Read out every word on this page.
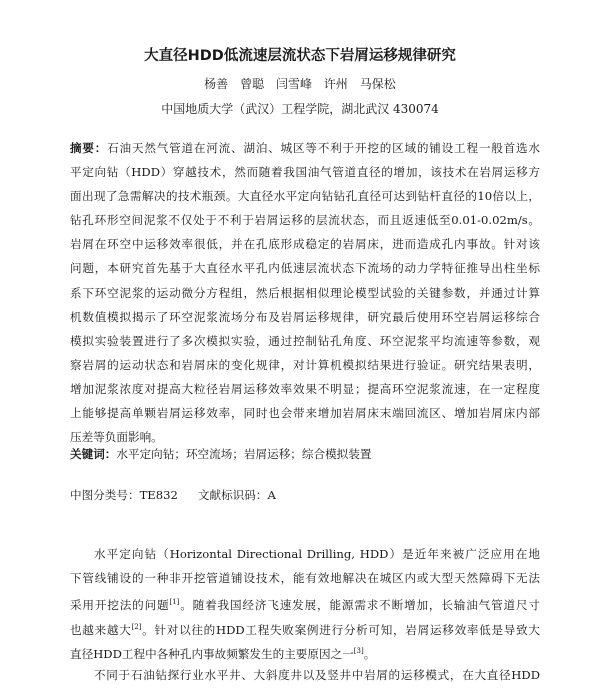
大直径HDD低流速层流状态下岩屑运移规律研究
杨善　曾聪 闫雪峰 许州　马保松
中国地质大学（武汉）工程学院，湖北武汉 430074
摘要：石油天然气管道在河流、湖泊、城区等不利于开挖的区域的铺设工程一般首选水
平定向钻（HDD）穿越技术，然而随着我国油气管道直径的增加，该技术在岩屑运移方
面出现了急需解决的技术瓶颈。大直径水平定向钻钻孔直径可达到钻杆直径的10倍以上，
钻孔环形空间泥浆不仅处于不利于岩屑运移的层流状态，而且返速低至0.01-0.02m/s。
岩屑在环空中运移效率很低，并在孔底形成稳定的岩屑床，进而造成孔内事故。针对该
问题，本研究首先基于大直径水平孔内低速层流状态下流场的动力学特征推导出柱坐标
系下环空泥浆的运动微分方程组，然后根据相似理论模型试验的关键参数，并通过计算
机数值模拟揭示了环空泥浆流场分布及岩屑运移规律，研究最后使用环空岩屑运移综合
模拟实验装置进行了多次模拟实验，通过控制钻孔角度、环空泥浆平均流速等参数，观
察岩屑的运动状态和岩屑床的变化规律，对计算机模拟结果进行验证。研究结果表明，
增加泥浆浓度对提高大粒径岩屑运移效率效果不明显；提高环空泥浆流速，在一定程度
上能够提高单颗岩屑运移效率，同时也会带来增加岩屑床末端回流区、增加岩屑床内部
压差等负面影响。
关键词：水平定向钻；环空流场；岩屑运移；综合模拟装置
中图分类号：TE832 文献标识码：A
水平定向钻（Horizontal Directional Drilling, HDD）是近年来被广泛应用在地
下管线铺设的一种非开挖管道铺设技术，能有效地解决在城区内或大型天然障碍下无法
采用开挖法的问题[1]。随着我国经济飞速发展，能源需求不断增加，长输油气管道尺寸
也越来越大[2]。针对以往的HDD工程失败案例进行分析可知，岩屑运移效率低是导致大
直径HDD工程中各种孔内事故频繁发生的主要原因之一[3]。
不同于石油钻探行业水平井、大斜度井以及竖井中岩屑的运移模式，在大直径HDD
